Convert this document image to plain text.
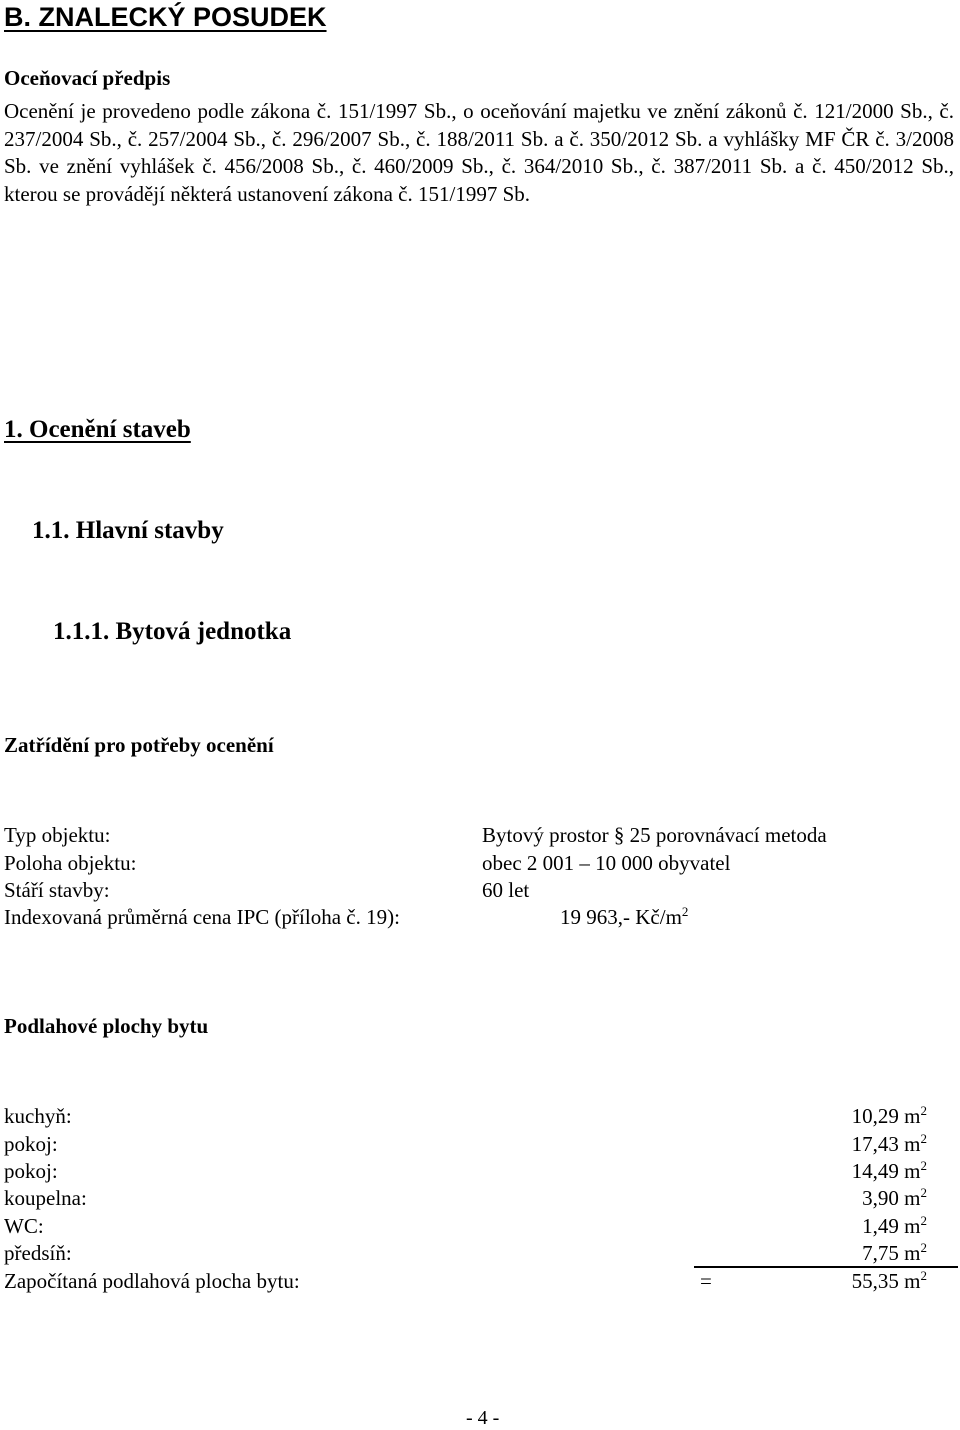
B. ZNALECKÝ POSUDEK
Oceňovací předpis
Ocenění je provedeno podle zákona č. 151/1997 Sb., o oceňování majetku ve znění zákonů č. 121/2000 Sb., č. 237/2004 Sb., č. 257/2004 Sb., č. 296/2007 Sb., č. 188/2011 Sb. a č. 350/2012 Sb. a vyhlášky MF ČR č. 3/2008 Sb. ve znění vyhlášek č. 456/2008 Sb., č. 460/2009 Sb., č. 364/2010 Sb., č. 387/2011 Sb. a č. 450/2012 Sb., kterou se provádějí některá ustanovení zákona č. 151/1997 Sb.
1. Ocenění staveb
1.1. Hlavní stavby
1.1.1. Bytová jednotka
Zatřídění pro potřeby ocenění
Typ objektu:	Bytový prostor § 25 porovnávací metoda
Poloha objektu:	obec 2 001 – 10 000 obyvatel
Stáří stavby:	60 let
Indexovaná průměrná cena IPC (příloha č. 19):	19 963,- $Kč/m^2$
Podlahové plochy bytu
kuchyň:	10,29 $m^2$
pokoj:	17,43 $m^2$
pokoj:	14,49 $m^2$
koupelna:	3,90 $m^2$
WC:	1,49 $m^2$
předsíň:	7,75 $m^2$
Započítaná podlahová plocha bytu:	=	55,35 $m^2$
- 4 -
